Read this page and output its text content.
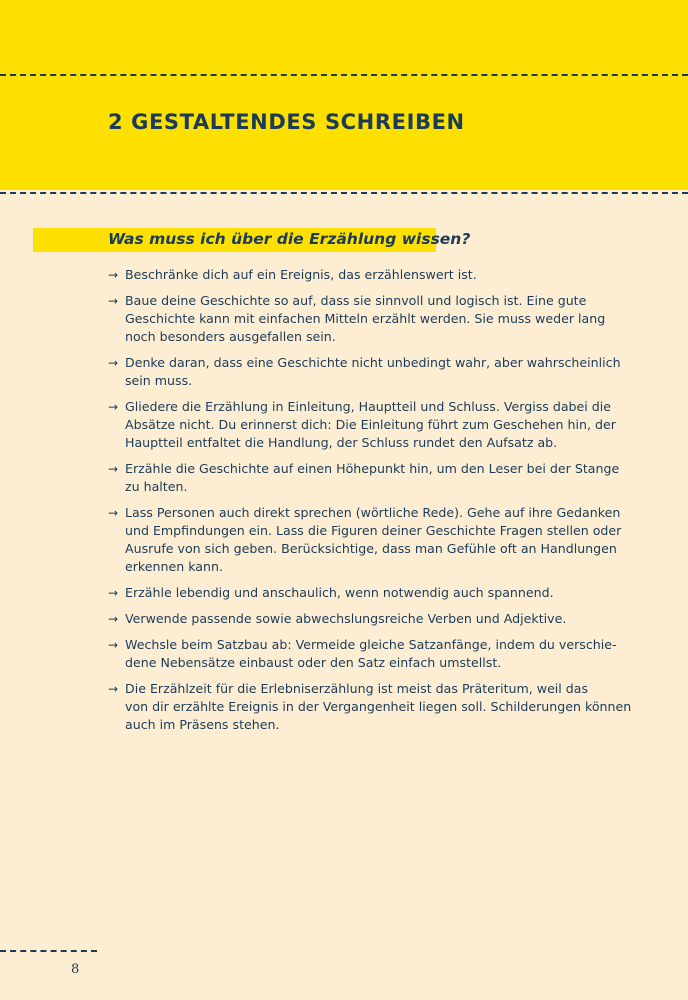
2 GESTALTENDES SCHREIBEN
Was muss ich über die Erzählung wissen?
→ Beschränke dich auf ein Ereignis, das erzählenswert ist.
→ Baue deine Geschichte so auf, dass sie sinnvoll und logisch ist. Eine gute
Geschichte kann mit einfachen Mitteln erzählt werden. Sie muss weder lang
noch besonders ausgefallen sein.
→ Denke daran, dass eine Geschichte nicht unbedingt wahr, aber wahrscheinlich
sein muss.
→ Gliedere die Erzählung in Einleitung, Hauptteil und Schluss. Vergiss dabei die
Absätze nicht. Du erinnerst dich: Die Einleitung führt zum Geschehen hin, der
Hauptteil entfaltet die Handlung, der Schluss rundet den Aufsatz ab.
→ Erzähle die Geschichte auf einen Höhepunkt hin, um den Leser bei der Stange
zu halten.
→ Lass Personen auch direkt sprechen (wörtliche Rede). Gehe auf ihre Gedanken
und Empfindungen ein. Lass die Figuren deiner Geschichte Fragen stellen oder
Ausrufe von sich geben. Berücksichtige, dass man Gefühle oft an Handlungen
erkennen kann.
→ Erzähle lebendig und anschaulich, wenn notwendig auch spannend.
→ Verwende passende sowie abwechslungsreiche Verben und Adjektive.
→ Wechsle beim Satzbau ab: Vermeide gleiche Satzanfänge, indem du verschie-
dene Nebensätze einbaust oder den Satz einfach umstellst.
→ Die Erzählzeit für die Erlebniserzählung ist meist das Präteritum, weil das
von dir erzählte Ereignis in der Vergangenheit liegen soll. Schilderungen können
auch im Präsens stehen.
8
